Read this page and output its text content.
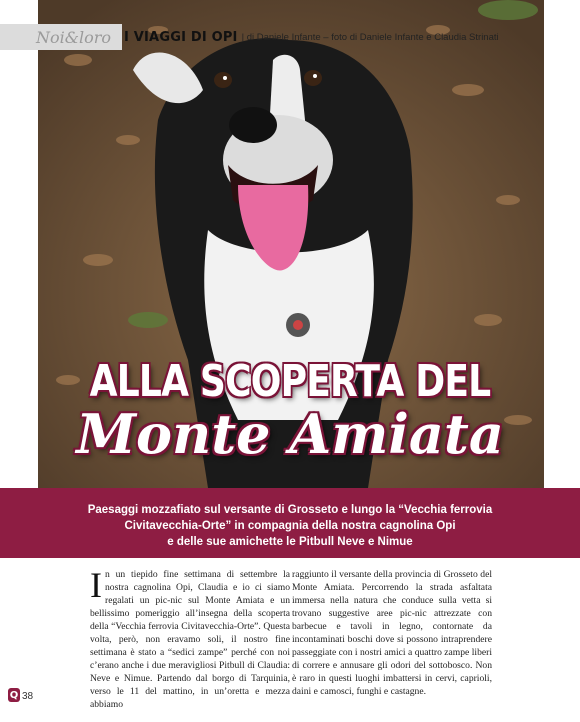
Noi&loro I VIAGGI DI OPI | di Daniele Infante – foto di Daniele Infante e Claudia Strinati
ALLA SCOPERTA DEL
Monte Amiata
Paesaggi mozzafiato sul versante di Grosseto e lungo la “Vecchia ferrovia
Civitavecchia-Orte” in compagnia della nostra cagnolina Opi
e delle sue amichette le Pitbull Neve e Nimue
I n un tiepido fine settimana di settembre la nostra cagnolina Opi, Claudia e io ci siamo regalati un pic-nic sul Monte Amiata e un bellissimo pomeriggio all’insegna della scoperta della “Vecchia ferrovia Civitavecchia-Orte”. Questa volta, però, non eravamo soli, il nostro fine settimana è stato a “sedici zampe” perché con noi c’erano anche i due meravigliosi Pitbull di Claudia: Neve e Nimue. Partendo dal borgo di Tarquinia, verso le 11 del mattino, in un’oretta e mezza abbiamo

raggiunto il versante della provincia di Grosseto del Monte Amiata. Percorrendo la strada asfaltata immersa nella natura che conduce sulla vetta si trovano suggestive aree pic-nic attrezzate con barbecue e tavoli in legno, contornate da incontaminati boschi dove si possono intraprendere passeggiate con i nostri amici a quattro zampe liberi di correre e annusare gli odori del sottobosco. Non è raro in questi luoghi imbattersi in cervi, caprioli, daini e camosci, funghi e castagne.

Q 38
